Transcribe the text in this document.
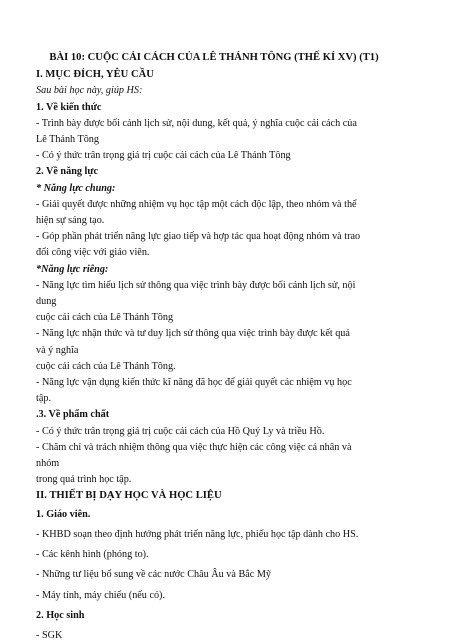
BÀI 10: CUỘC CẢI CÁCH CỦA LÊ THÁNH TÔNG (THẾ KÍ XV) (T1)

I. MỤC ĐÍCH, YÊU CẦU

Sau bài học này, giúp HS:

1. Về kiến thức

- Trình bày được bối cảnh lịch sử, nội dung, kết quả, ý nghĩa cuộc cải cách của

Lê Thánh Tông

- Có ý thức trân trọng giá trị cuộc cải cách của Lê Thánh Tông

2. Về năng lực

* Năng lực chung:

- Giải quyết được những nhiệm vụ học tập một cách độc lập, theo nhóm và thể

hiện sự sáng tạo.

- Góp phần phát triển năng lực giao tiếp và hợp tác qua hoạt động nhóm và trao

đổi công việc với giáo viên.

*Năng lực riêng:

- Năng lực tìm hiểu lịch sử thông qua việc trình bày được bối cảnh lịch sử, nội

dung

cuộc cải cách của Lê Thánh Tông

- Năng lực nhận thức và tư duy lịch sử thông qua việc trình bày được kết quả

và ý nghĩa

cuộc cải cách của Lê Thánh Tông.

- Năng lực vận dụng kiến thức kĩ năng đã học để giải quyết các nhiệm vụ học

tập.

.3. Về phẩm chất

- Có ý thức trân trọng giá trị cuộc cải cách của Hồ Quý Ly và triều Hồ.

- Chăm chỉ và trách nhiệm thông qua việc thực hiện các công việc cá nhân và

nhóm

trong quá trình học tập.

II. THIẾT BỊ DẠY HỌC VÀ HỌC LIỆU

1. Giáo viên.

- KHBD soạn theo định hướng phát triển năng lực, phiếu học tập dành cho HS.

- Các kênh hình (phóng to).

- Những tư liệu bổ sung về các nước Châu Âu và Bắc Mỹ

- Máy tính, máy chiếu (nếu có).

2. Học sinh

- SGK
